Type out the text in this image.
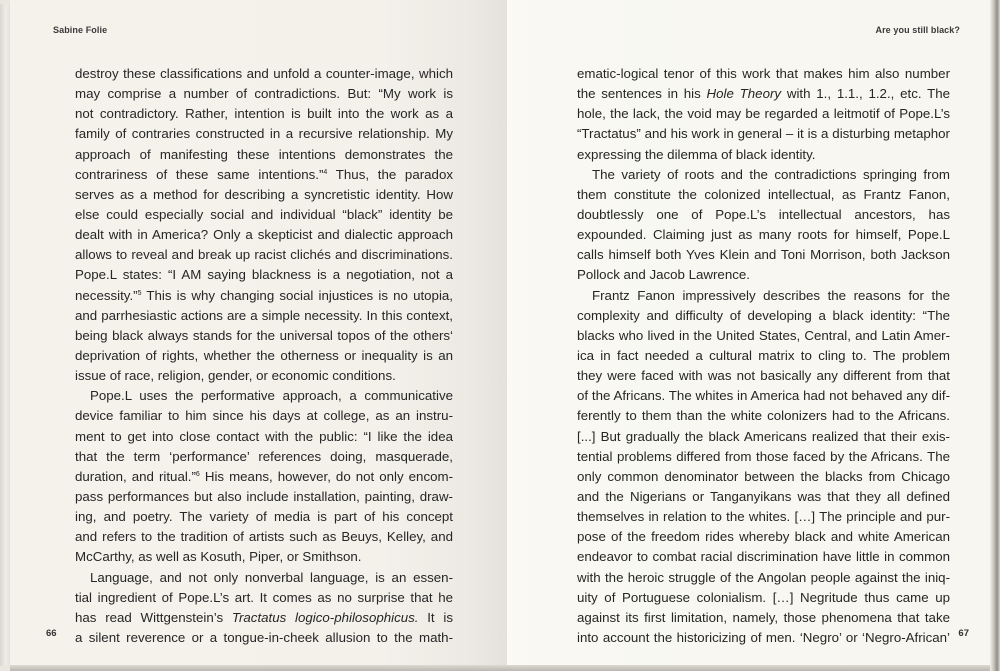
Sabine Folie
destroy these classifications and unfold a counter-image, which
may comprise a number of contradictions. But: “My work is
not contradictory. Rather, intention is built into the work as a
family of contraries constructed in a recursive relationship. My
approach of manifesting these intentions demonstrates the
contrariness of these same intentions.”$^4$ Thus, the paradox
serves as a method for describing a syncretistic identity. How
else could especially social and individual “black” identity be
dealt with in America? Only a skepticist and dialectic approach
allows to reveal and break up racist clichés and discriminations.
Pope.L states: “I AM saying blackness is a negotiation, not a
necessity.”$^5$ This is why changing social injustices is no utopia,
and parrhesiastic actions are a simple necessity. In this context,
being black always stands for the universal topos of the others‘
deprivation of rights, whether the otherness or inequality is an
issue of race, religion, gender, or economic conditions.
Pope.L uses the performative approach, a communicative
device familiar to him since his days at college, as an instru-
ment to get into close contact with the public: “I like the idea
that the term ‘performance’ references doing, masquerade,
duration, and ritual.”$^6$ His means, however, do not only encom-
pass performances but also include installation, painting, draw-
ing, and poetry. The variety of media is part of his concept
and refers to the tradition of artists such as Beuys, Kelley, and
McCarthy, as well as Kosuth, Piper, or Smithson.
Language, and not only nonverbal language, is an essen-
tial ingredient of Pope.L’s art. It comes as no surprise that he
has read Wittgenstein’s Tractatus logico-philosophicus. It is
a silent reverence or a tongue-in-cheek allusion to the math-
66
Are you still black?
ematic-logical tenor of this work that makes him also number
the sentences in his Hole Theory with 1., 1.1., 1.2., etc. The
hole, the lack, the void may be regarded a leitmotif of Pope.L’s
“Tractatus” and his work in general – it is a disturbing metaphor
expressing the dilemma of black identity.
The variety of roots and the contradictions springing from
them constitute the colonized intellectual, as Frantz Fanon,
doubtlessly one of Pope.L’s intellectual ancestors, has
expounded. Claiming just as many roots for himself, Pope.L
calls himself both Yves Klein and Toni Morrison, both Jackson
Pollock and Jacob Lawrence.
Frantz Fanon impressively describes the reasons for the
complexity and difficulty of developing a black identity: “The
blacks who lived in the United States, Central, and Latin Amer-
ica in fact needed a cultural matrix to cling to. The problem
they were faced with was not basically any different from that
of the Africans. The whites in America had not behaved any dif-
ferently to them than the white colonizers had to the Africans.
[...] But gradually the black Americans realized that their exis-
tential problems differed from those faced by the Africans. The
only common denominator between the blacks from Chicago
and the Nigerians or Tanganyikans was that they all defined
themselves in relation to the whites. […] The principle and pur-
pose of the freedom rides whereby black and white American
endeavor to combat racial discrimination have little in common
with the heroic struggle of the Angolan people against the iniq-
uity of Portuguese colonialism. […] Negritude thus came up
against its first limitation, namely, those phenomena that take
into account the historicizing of men. ‘Negro’ or ‘Negro-African’ 67
